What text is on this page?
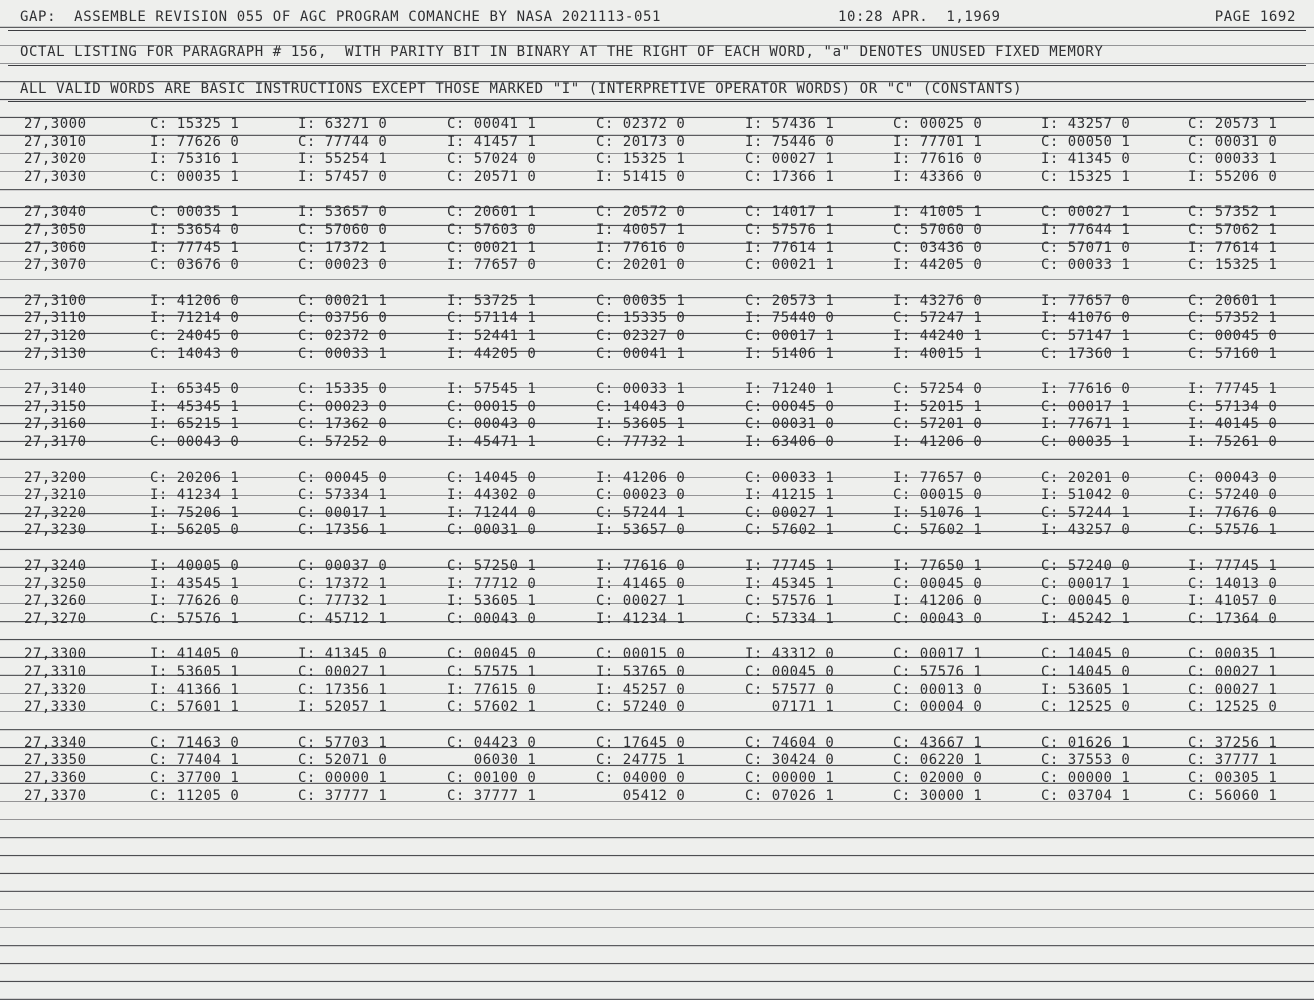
GAP:  ASSEMBLE REVISION 055 OF AGC PROGRAM COMANCHE BY NASA 2021113-051	10:28 APR.  1,1969	PAGE 1692
OCTAL LISTING FOR PARAGRAPH # 156,  WITH PARITY BIT IN BINARY AT THE RIGHT OF EACH WORD, "a" DENOTES UNUSED FIXED MEMORY
ALL VALID WORDS ARE BASIC INSTRUCTIONS EXCEPT THOSE MARKED "I" (INTERPRETIVE OPERATOR WORDS) OR "C" (CONSTANTS)
27,3000	C: 15325 1	I: 63271 0	C: 00041 1	C: 02372 0	I: 57436 1	C: 00025 0	I: 43257 0	C: 20573 1
27,3010	I: 77626 0	C: 77744 0	I: 41457 1	C: 20173 0	I: 75446 0	I: 77701 1	C: 00050 1	C: 00031 0
27,3020	I: 75316 1	I: 55254 1	C: 57024 0	C: 15325 1	C: 00027 1	I: 77616 0	I: 41345 0	C: 00033 1
27,3030	C: 00035 1	I: 57457 0	C: 20571 0	I: 51415 0	C: 17366 1	I: 43366 0	C: 15325 1	I: 55206 0
27,3040	C: 00035 1	I: 53657 0	C: 20601 1	C: 20572 0	C: 14017 1	I: 41005 1	C: 00027 1	C: 57352 1
27,3050	I: 53654 0	C: 57060 0	C: 57603 0	I: 40057 1	C: 57576 1	C: 57060 0	I: 77644 1	C: 57062 1
27,3060	I: 77745 1	C: 17372 1	C: 00021 1	I: 77616 0	I: 77614 1	C: 03436 0	C: 57071 0	I: 77614 1
27,3070	C: 03676 0	C: 00023 0	I: 77657 0	C: 20201 0	C: 00021 1	I: 44205 0	C: 00033 1	C: 15325 1
27,3100	I: 41206 0	C: 00021 1	I: 53725 1	C: 00035 1	C: 20573 1	I: 43276 0	I: 77657 0	C: 20601 1
27,3110	I: 71214 0	C: 03756 0	C: 57114 1	C: 15335 0	I: 75440 0	C: 57247 1	I: 41076 0	C: 57352 1
27,3120	C: 24045 0	C: 02372 0	I: 52441 1	C: 02327 0	C: 00017 1	I: 44240 1	C: 57147 1	C: 00045 0
27,3130	C: 14043 0	C: 00033 1	I: 44205 0	C: 00041 1	I: 51406 1	I: 40015 1	C: 17360 1	C: 57160 1
27,3140	I: 65345 0	C: 15335 0	I: 57545 1	C: 00033 1	I: 71240 1	C: 57254 0	I: 77616 0	I: 77745 1
27,3150	I: 45345 1	C: 00023 0	C: 00015 0	C: 14043 0	C: 00045 0	I: 52015 1	C: 00017 1	C: 57134 0
27,3160	I: 65215 1	C: 17362 0	C: 00043 0	I: 53605 1	C: 00031 0	C: 57201 0	I: 77671 1	I: 40145 0
27,3170	C: 00043 0	C: 57252 0	I: 45471 1	C: 77732 1	I: 63406 0	I: 41206 0	C: 00035 1	I: 75261 0
27,3200	C: 20206 1	C: 00045 0	C: 14045 0	I: 41206 0	C: 00033 1	I: 77657 0	C: 20201 0	C: 00043 0
27,3210	I: 41234 1	C: 57334 1	I: 44302 0	C: 00023 0	I: 41215 1	C: 00015 0	I: 51042 0	C: 57240 0
27,3220	I: 75206 1	C: 00017 1	I: 71244 0	C: 57244 1	C: 00027 1	I: 51076 1	C: 57244 1	I: 77676 0
27,3230	I: 56205 0	C: 17356 1	C: 00031 0	I: 53657 0	C: 57602 1	C: 57602 1	I: 43257 0	C: 57576 1
27,3240	I: 40005 0	C: 00037 0	C: 57250 1	I: 77616 0	I: 77745 1	I: 77650 1	C: 57240 0	I: 77745 1
27,3250	I: 43545 1	C: 17372 1	I: 77712 0	I: 41465 0	I: 45345 1	C: 00045 0	C: 00017 1	C: 14013 0
27,3260	I: 77626 0	C: 77732 1	I: 53605 1	C: 00027 1	C: 57576 1	I: 41206 0	C: 00045 0	I: 41057 0
27,3270	C: 57576 1	C: 45712 1	C: 00043 0	I: 41234 1	C: 57334 1	C: 00043 0	I: 45242 1	C: 17364 0
27,3300	I: 41405 0	I: 41345 0	C: 00045 0	C: 00015 0	I: 43312 0	C: 00017 1	C: 14045 0	C: 00035 1
27,3310	I: 53605 1	C: 00027 1	C: 57575 1	I: 53765 0	C: 00045 0	C: 57576 1	C: 14045 0	C: 00027 1
27,3320	I: 41366 1	C: 17356 1	I: 77615 0	I: 45257 0	C: 57577 0	C: 00013 0	I: 53605 1	C: 00027 1
27,3330	C: 57601 1	I: 52057 1	C: 57602 1	C: 57240 0	07171 1	C: 00004 0	C: 12525 0	C: 12525 0
27,3340	C: 71463 0	C: 57703 1	C: 04423 0	C: 17645 0	C: 74604 0	C: 43667 1	C: 01626 1	C: 37256 1
27,3350	C: 77404 1	C: 52071 0	06030 1	C: 24775 1	C: 30424 0	C: 06220 1	C: 37553 0	C: 37777 1
27,3360	C: 37700 1	C: 00000 1	C: 00100 0	C: 04000 0	C: 00000 1	C: 02000 0	C: 00000 1	C: 00305 1
27,3370	C: 11205 0	C: 37777 1	C: 37777 1	05412 0	C: 07026 1	C: 30000 1	C: 03704 1	C: 56060 1
